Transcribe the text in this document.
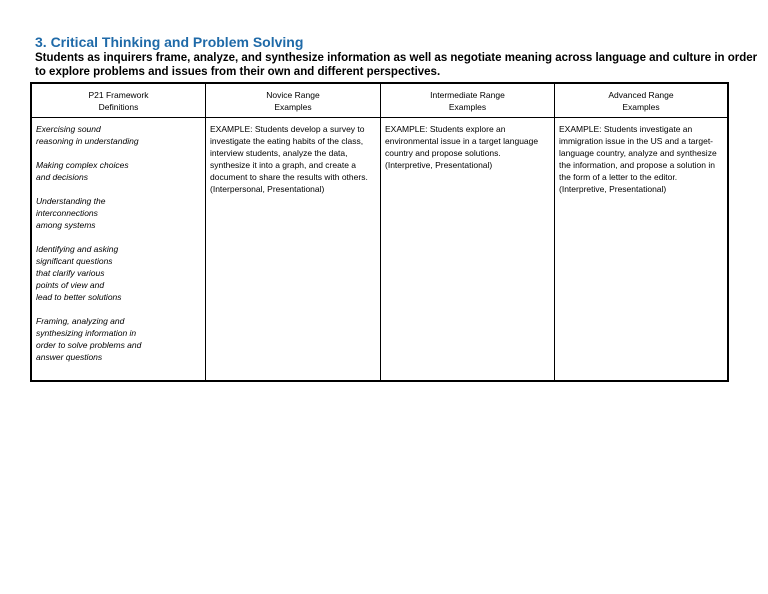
3. Critical Thinking and Problem Solving
Students as inquirers frame, analyze, and synthesize information as well as negotiate meaning across language and culture in order to explore problems and issues from their own and different perspectives.
P21 Framework
Definitions
Novice Range
Examples
Intermediate Range
Examples
Advanced Range
Examples

Exercising sound
reasoning in understanding

Making complex choices
and decisions

Understanding the
interconnections
among systems

Identifying and asking
significant questions
that clarify various
points of view and
lead to better solutions

Framing, analyzing and
synthesizing information in
order to solve problems and
answer questions

EXAMPLE: Students develop a survey to investigate the eating habits of the class, interview students, analyze the data, synthesize it into a graph, and create a document to share the results with others. (Interpersonal, Presentational)
EXAMPLE: Students explore an environmental issue in a target language country and propose solutions. (Interpretive, Presentational)
EXAMPLE: Students investigate an immigration issue in the US and a target-language country, analyze and synthesize the information, and propose a solution in the form of a letter to the editor. (Interpretive, Presentational)
